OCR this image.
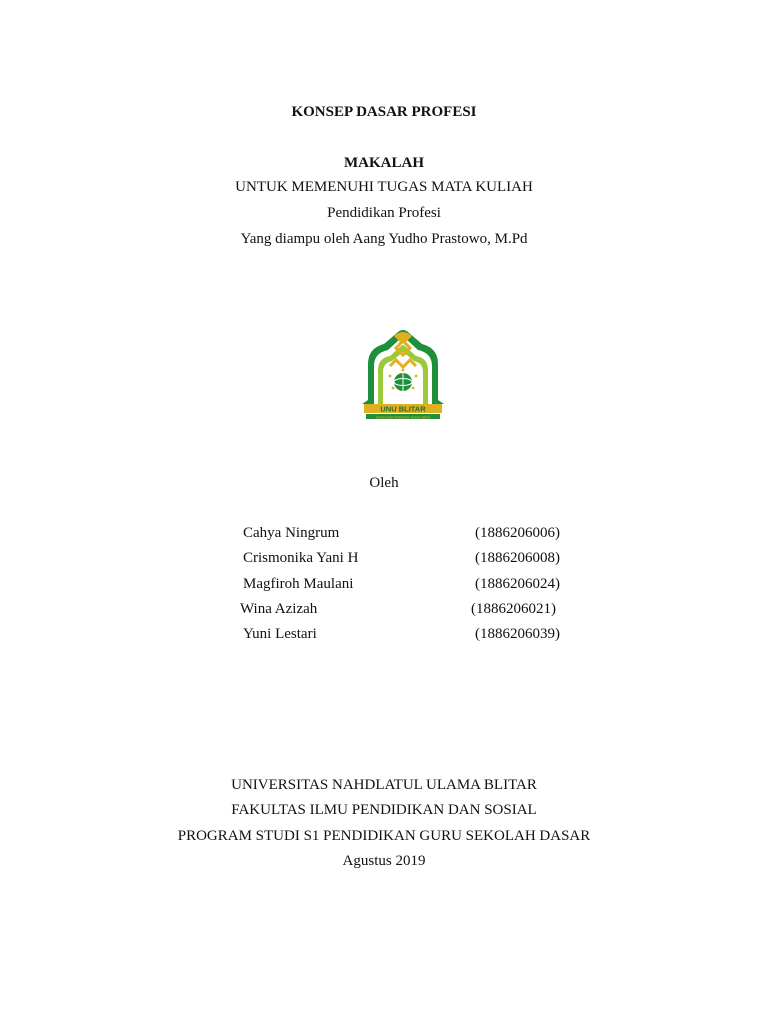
KONSEP DASAR PROFESI
MAKALAH
UNTUK MEMENUHI TUGAS MATA KULIAH
Pendidikan Profesi
Yang diampu oleh Aang Yudho Prastowo, M.Pd
UNU BLITAR
Universitas Nahdlatul Ulama Blitar
Oleh
Cahya Ningrum	(1886206006)
Crismonika Yani H	(1886206008)
Magfiroh Maulani	(1886206024)
Wina Azizah	(1886206021)
Yuni Lestari	(1886206039)
UNIVERSITAS NAHDLATUL ULAMA BLITAR
FAKULTAS ILMU PENDIDIKAN DAN SOSIAL
PROGRAM STUDI S1 PENDIDIKAN GURU SEKOLAH DASAR
Agustus 2019
